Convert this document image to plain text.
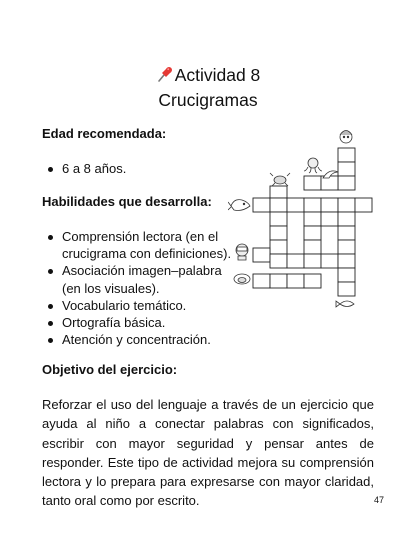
Actividad 8
Crucigramas
Edad recomendada:
6 a 8 años.
Habilidades que desarrolla:
Comprensión lectora (en el crucigrama con definiciones).
Asociación imagen–palabra (en los visuales).
Vocabulario temático.
Ortografía básica.
Atención y concentración.
Objetivo del ejercicio:

Reforzar el uso del lenguaje a través de un ejercicio que ayuda al niño a conectar palabras con significados, escribir con mayor seguridad y pensar antes de responder. Este tipo de actividad mejora su comprensión lectora y lo prepara para expresarse con mayor claridad, tanto oral como por escrito.	47
